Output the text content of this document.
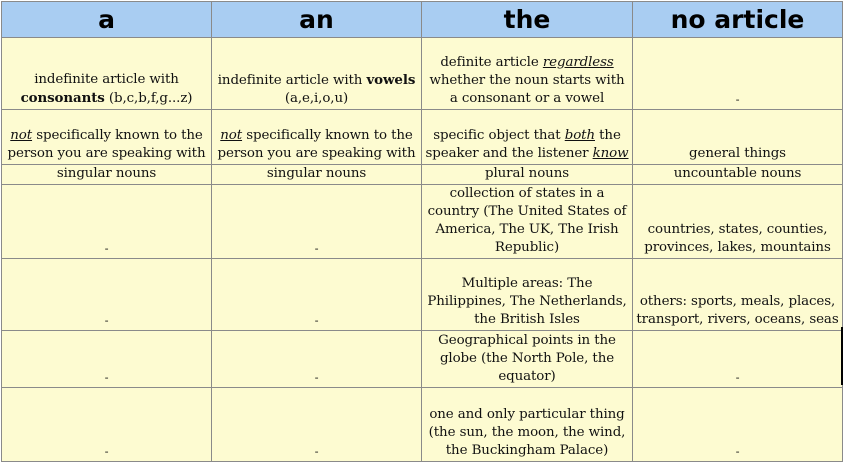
a	an	the	no article
indefinite article with consonants (b,c,b,f,g...z)	indefinite article with vowels (a,e,i,o,u)	definite article regardless whether the noun starts with a consonant or a vowel	-
not specifically known to the person you are speaking with	not specifically known to the person you are speaking with	specific object that both the speaker and the listener know	general things
singular nouns	singular nouns	plural nouns	uncountable nouns
-	-	collection of states in a country (The United States of America, The UK, The Irish Republic)	countries, states, counties, provinces, lakes, mountains
-	-	Multiple areas: The Philippines, The Netherlands, the British Isles	others: sports, meals, places, transport, rivers, oceans, seas
-	-	Geographical points in the globe (the North Pole, the equator)	-
-	-	one and only particular thing (the sun, the moon, the wind, the Buckingham Palace)	-
